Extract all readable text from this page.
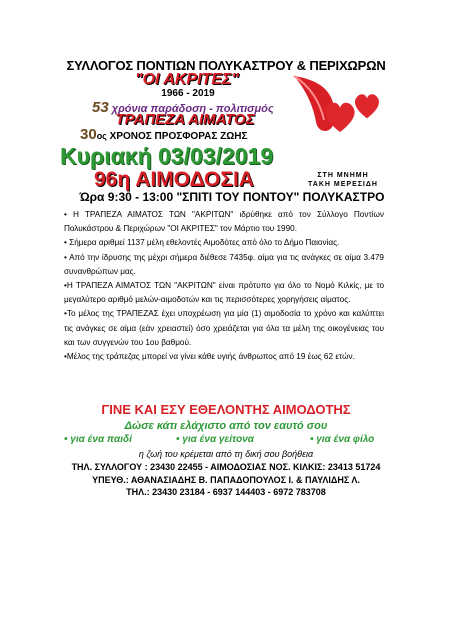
ΣΥΛΛΟΓΟΣ ΠΟΝΤΙΩΝ ΠΟΛΥΚΑΣΤΡΟΥ & ΠΕΡΙΧΩΡΩΝ
"ΟΙ ΑΚΡΙΤΕΣ"
1966 - 2019
53 χρόνια παράδοση - πολιτισμός
ΤΡΑΠΕΖΑ ΑΙΜΑΤΟΣ
30ος ΧΡΟΝΟΣ ΠΡΟΣΦΟΡΑΣ ΖΩΗΣ
Κυριακή 03/03/2019
96η ΑΙΜΟΔΟΣΙΑ	ΣΤΗ ΜΝΗΜΗ
ΤΑΚΗ ΜΕΡΕΣΙΔΗ
Ώρα 9:30 - 13:00 "ΣΠΙΤΙ ΤΟΥ ΠΟΝΤΟΥ" ΠΟΛΥΚΑΣΤΡΟ

• Η ΤΡΑΠΕΖΑ ΑΙΜΑΤΟΣ ΤΩΝ "ΑΚΡΙΤΩΝ" ιδρύθηκε από τον Σύλλογο Ποντίων Πολυκάστρου & Περιχώρων "ΟΙ ΑΚΡΙΤΕΣ" τον Μάρτιο του 1990.

• Σήμερα αριθμεί 1137 μέλη εθελοντές Αιμοδότες από όλο το Δήμο Παιονίας.

• Από την ίδρυσης της μέχρι σήμερα διέθεσε 7435φ. αίμα για τις ανάγκες σε αίμα 3.479 συνανθρώπων μας.

•Η ΤΡΑΠΕΖΑ ΑΙΜΑΤΟΣ ΤΩΝ "ΑΚΡΙΤΩΝ" είναι πρότυπο για όλο το Νομό Κιλκίς, με το μεγαλύτερο αριθμό μελών-αιμοδοτών και τις περισσότερες χορηγήσεις αίματος.

•Το μέλος της ΤΡΑΠΕΖΑΣ έχει υποχρέωση για μία (1) αιμοδοσία το χρόνο και καλύπτει τις ανάγκες σε αίμα (εάν χρειαστεί) όσο χρειάζεται για όλα τα μέλη της οικογένειας του και των συγγενών του 1ου βαθμού.

•Μέλος της τράπεζας μπορεί να γίνει κάθε υγιής άνθρωπος από 19 έως 62 ετών.

ΓΙΝΕ ΚΑΙ ΕΣΥ ΕΘΕΛΟΝΤΗΣ ΑΙΜΟΔΟΤΗΣ
Δώσε κάτι ελάχιστο από τον εαυτό σου
• για ένα παιδί	• για ένα γείτονα	• για ένα φίλο
η ζωή του κρέμεται από τη δική σου βοήθεια
ΤΗΛ. ΣΥΛΛΟΓΟΥ : 23430 22455 - ΑΙΜΟΔΟΣΙΑΣ ΝΟΣ. ΚΙΛΚΙΣ: 23413 51724
ΥΠΕΥΘ.: ΑΘΑΝΑΣΙΑΔΗΣ Β. ΠΑΠΑΔΟΠΟΥΛΟΣ Ι. & ΠΑΥΛΙΔΗΣ Λ.
ΤΗΛ.: 23430 23184 - 6937 144403 - 6972 783708
